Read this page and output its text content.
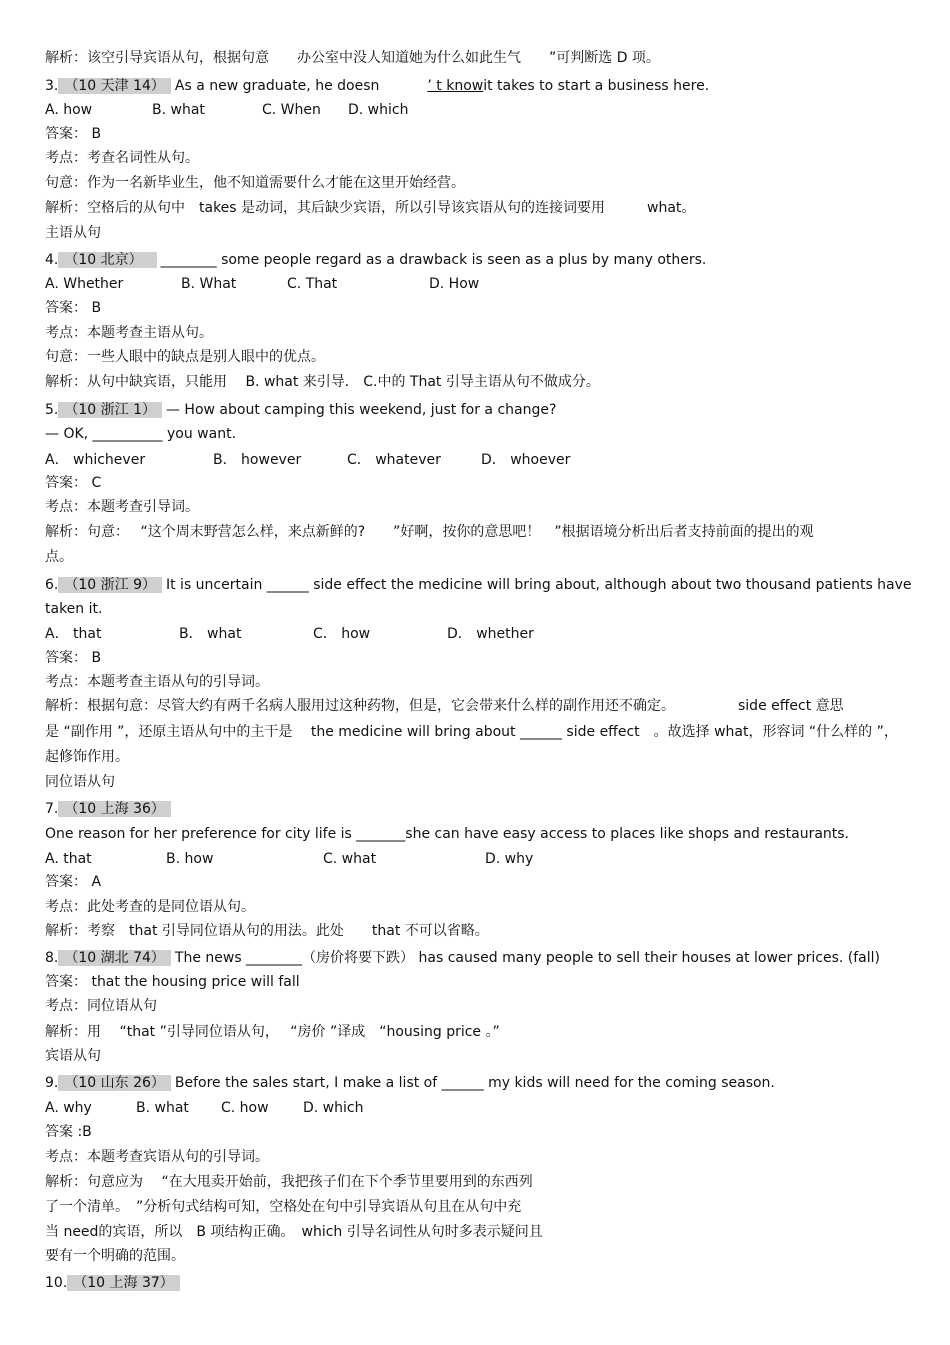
解析：该空引导宾语从句，根据句意　　办公室中没人知道她为什么如此生气　　”可判断选 D 项。
3. （10 天津 14） As a new graduate, he doesn	’ t knowit takes to start a business here.
A. how	B. what	C. When D. which
答案： B
考点：考查名词性从句。
句意：作为一名新毕业生，他不知道需要什么才能在这里开始经营。
解析：空格后的从句中　takes 是动词，其后缺少宾语，所以引导该宾语从句的连接词要用　　　what。
主语从句
4. （10 北京） ________ some people regard as a drawback is seen as a plus by many others.
A. Whether	B. What	C. That	D. How
答案： B
考点：本题考查主语从句。
句意：一些人眼中的缺点是别人眼中的优点。
解析：从句中缺宾语，只能用　 B. what 来引导． C.中的 That 引导主语从句不做成分。
5. （10 浙江 1） — How about camping this weekend, just for a change?
— OK, __________ you want.
A． whichever	B． however	C． whatever	D． whoever
答案： C
考点：本题考查引导词。
解析：句意：　 “这个周末野营怎么样，来点新鲜的?　　”好啊，按你的意思吧！　”根据语境分析出后者支持前面的提出的观
点。
6. （10 浙江 9） It is uncertain ______ side effect the medicine will bring about, although about two thousand patients have
taken it.
A． that	B． what	C． how	D． whether
答案： B
考点：本题考查主语从句的引导词。
解析：根据句意：尽管大约有两千名病人服用过这种药物，但是，它会带来什么样的副作用还不确定。　　　　　side effect 意思
是 “副作用 ”，还原主语从句中的主干是　 the medicine will bring about ______ side effect　。故选择 what，形容词 “什么样的 ”，
起修饰作用。
同位语从句
7. （10 上海 36）
One reason for her preference for city life is _______she can have easy access to places like shops and restaurants.
A. that	B. how	C. what	D. why
答案： A
考点：此处考查的是同位语从句。
解析：考察　that 引导同位语从句的用法。此处　　that 不可以省略。
8. （10 湖北 74） The news ________（房价将要下跌） has caused many people to sell their houses at lower prices. (fall)
答案： that the housing price will fall
考点：同位语从句
解析：用　 “that ”引导同位语从句，　 “房价 ”译成　“housing price 。”
宾语从句
9. （10 山东 26） Before the sales start, I make a list of ______ my kids will need for the coming season.
A. why	B. what C. how D. which
答案 :B
考点：本题考查宾语从句的引导词。
解析：句意应为　 “在大甩卖开始前，我把孩子们在下个季节里要用到的东西列
了一个清单。　”分析句式结构可知，空格处在句中引导宾语从句且在从句中充
当 need的宾语，所以　B 项结构正确。　which 引导名词性从句时多表示疑问且
要有一个明确的范围。
10. （10 上海 37）
